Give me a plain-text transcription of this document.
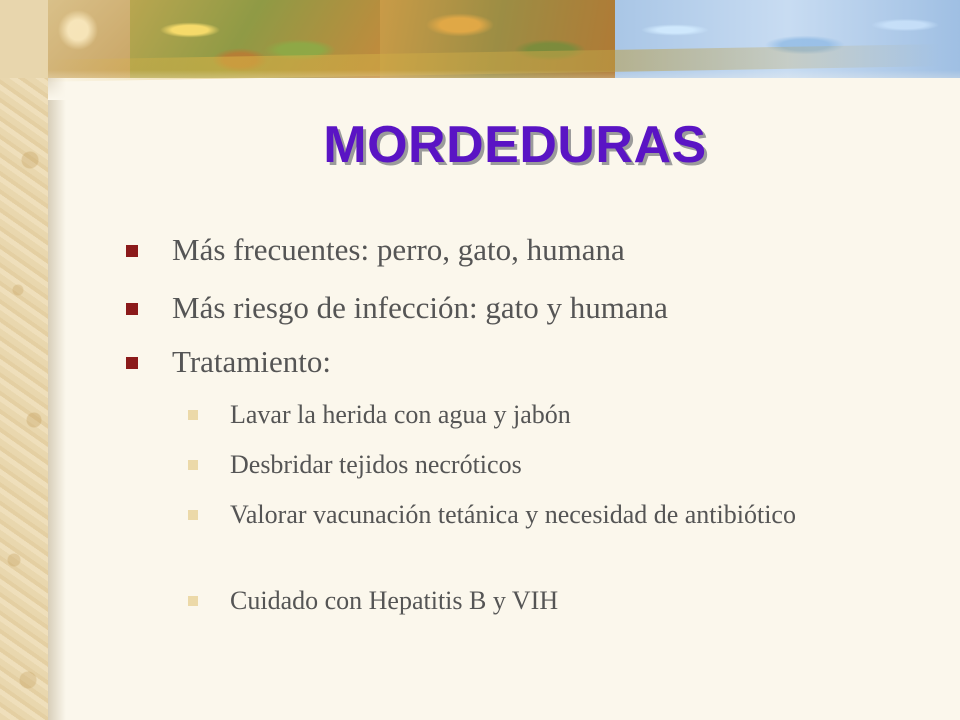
MORDEDURAS
Más frecuentes: perro, gato, humana
Más riesgo de infección: gato y humana
Tratamiento:
Lavar la herida con agua y jabón
Desbridar tejidos necróticos
Valorar vacunación tetánica y necesidad de antibiótico
Cuidado con Hepatitis B y VIH
